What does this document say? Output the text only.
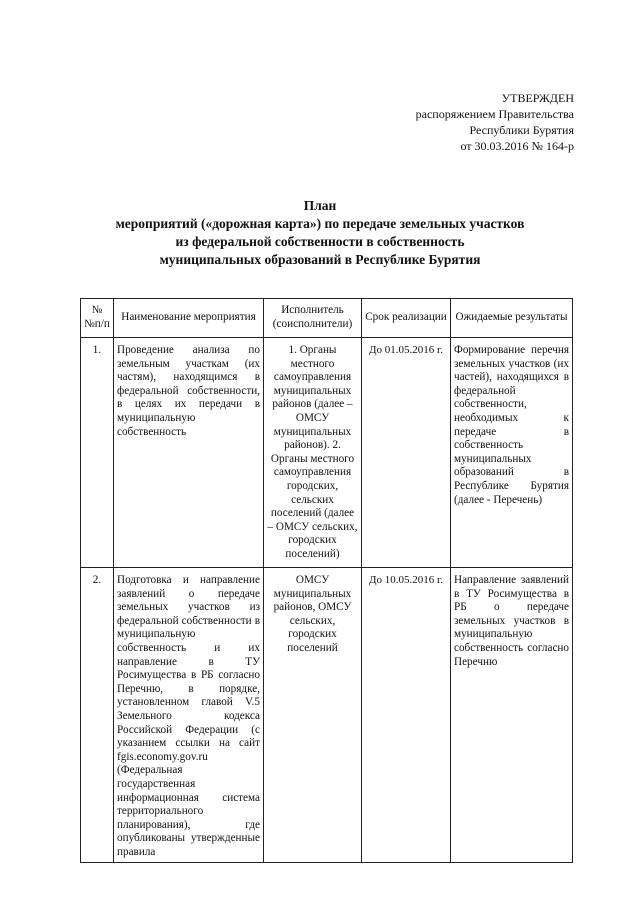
УТВЕРЖДЕН
распоряжением Правительства
Республики Бурятия
от 30.03.2016 № 164-р
План
мероприятий («дорожная карта») по передаче земельных участков
из федеральной собственности в собственность
муниципальных образований в Республике Бурятия
№ №п/п	Наименование мероприятия	Исполнитель (соисполнители)	Срок реализации	Ожидаемые результаты
1.	Проведение анализа по земельным участкам (их частям), находящимся в федеральной собственности, в целях их передачи в муниципальную собственность	1. Органы местного самоуправления муниципальных районов (далее – ОМСУ муниципальных районов). 2. Органы местного самоуправления городских, сельских поселений (далее – ОМСУ сельских, городских поселений)	До 01.05.2016 г.	Формирование перечня земельных участков (их частей), находящихся в федеральной собственности, необходимых к передаче в собственность муниципальных образований в Республике Бурятия (далее - Перечень)
2.	Подготовка и направление заявлений о передаче земельных участков из федеральной собственности в муниципальную собственность и их направление в ТУ Росимущества в РБ согласно Перечню, в порядке, установленном главой V.5 Земельного кодекса Российской Федерации (с указанием ссылки на сайт fgis.economy.gov.ru (Федеральная государственная информационная система территориального планирования), где опубликованы утвержденные правила	ОМСУ муниципальных районов, ОМСУ сельских, городских поселений	До 10.05.2016 г.	Направление заявлений в ТУ Росимущества в РБ о передаче земельных участков в муниципальную собственность согласно Перечню
